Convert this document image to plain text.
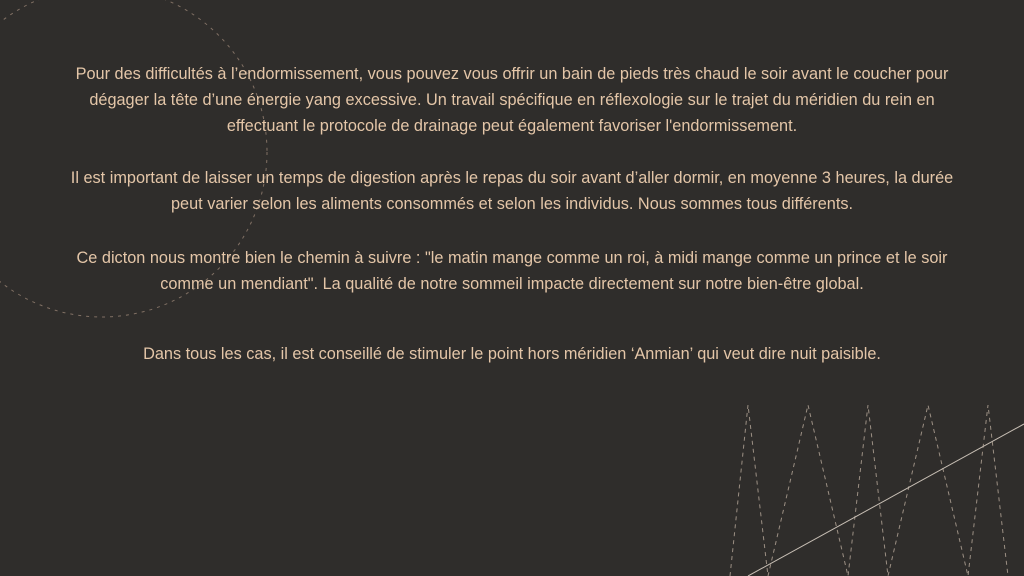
Pour des difficultés à l’endormissement, vous pouvez vous offrir un bain de pieds très chaud le soir avant le coucher pour
dégager la tête d’une énergie yang excessive. Un travail spécifique en réflexologie sur le trajet du méridien du rein en
effectuant le protocole de drainage peut également favoriser l'endormissement.

Il est important de laisser un temps de digestion après le repas du soir avant d’aller dormir, en moyenne 3 heures, la durée
peut varier selon les aliments consommés et selon les individus. Nous sommes tous différents.

Ce dicton nous montre bien le chemin à suivre : "le matin mange comme un roi, à midi mange comme un prince et le soir
comme un mendiant". La qualité de notre sommeil impacte directement sur notre bien-être global.

Dans tous les cas, il est conseillé de stimuler le point hors méridien ‘Anmian’ qui veut dire nuit paisible.
